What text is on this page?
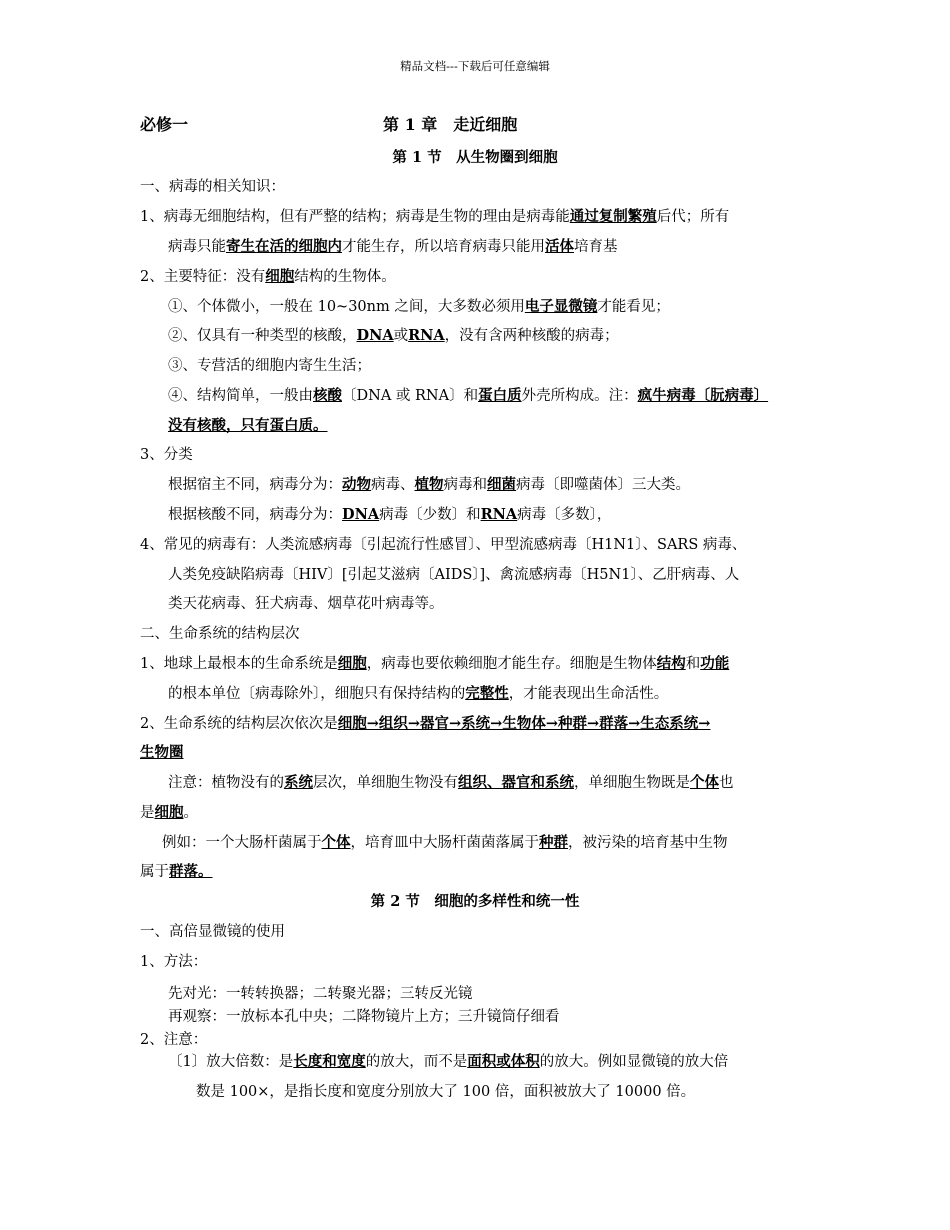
精品文档---下载后可任意编辑
必修一	第 1 章　走近细胞
第 1 节　从生物圈到细胞
一、病毒的相关知识：
1、病毒无细胞结构，但有严整的结构；病毒是生物的理由是病毒能通过复制繁殖后代；所有
病毒只能寄生在活的细胞内才能生存，所以培育病毒只能用活体培育基
2、主要特征：没有细胞结构的生物体。
①、个体微小，一般在 10~30nm 之间，大多数必须用电子显微镜才能看见；
②、仅具有一种类型的核酸，DNA或RNA，没有含两种核酸的病毒；
③、专营活的细胞内寄生生活；
④、结构简单，一般由核酸〔DNA 或 RNA〕和蛋白质外壳所构成。注：疯牛病毒〔朊病毒〕
没有核酸，只有蛋白质。
3、分类
根据宿主不同，病毒分为：动物病毒、植物病毒和细菌病毒〔即噬菌体〕三大类。
根据核酸不同，病毒分为：DNA病毒〔少数〕和RNA病毒〔多数〕，
4、常见的病毒有：人类流感病毒〔引起流行性感冒〕、甲型流感病毒〔H1N1〕、SARS 病毒、
人类免疫缺陷病毒〔HIV〕[引起艾滋病〔AIDS〕]、禽流感病毒〔H5N1〕、乙肝病毒、人
类天花病毒、狂犬病毒、烟草花叶病毒等。
二、生命系统的结构层次
1、地球上最根本的生命系统是细胞，病毒也要依赖细胞才能生存。细胞是生物体结构和功能
的根本单位〔病毒除外〕，细胞只有保持结构的完整性，才能表现出生命活性。
2、生命系统的结构层次依次是细胞→组织→器官→系统→生物体→种群→群落→生态系统→
生物圈
注意：植物没有的系统层次，单细胞生物没有组织、器官和系统，单细胞生物既是个体也
是细胞。
例如：一个大肠杆菌属于个体，培育皿中大肠杆菌菌落属于种群，被污染的培育基中生物
属于群落。
第 2 节　细胞的多样性和统一性
一、高倍显微镜的使用
1、方法：
先对光：一转转换器；二转聚光器；三转反光镜
再观察：一放标本孔中央；二降物镜片上方；三升镜筒仔细看
2、注意：
〔1〕放大倍数：是长度和宽度的放大，而不是面积或体积的放大。例如显微镜的放大倍
数是 100×，是指长度和宽度分别放大了 100 倍，面积被放大了 10000 倍。
